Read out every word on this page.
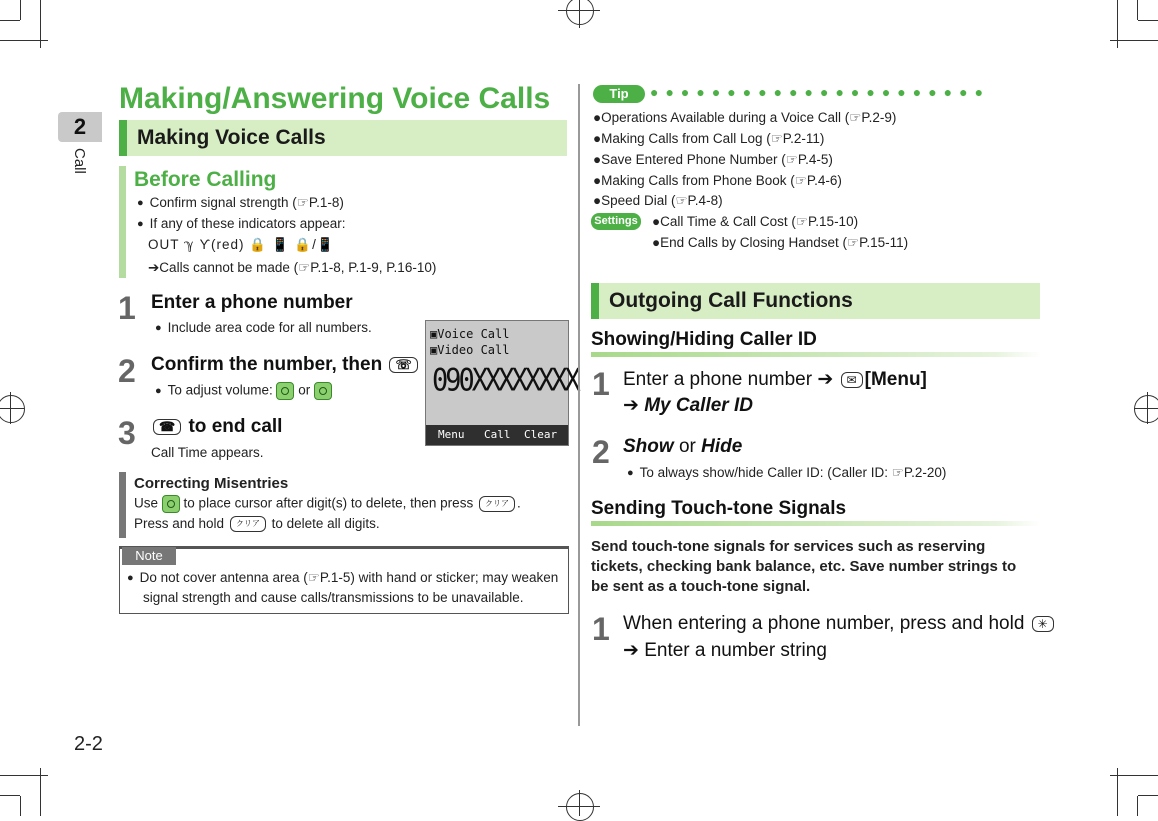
2
Call
2-2
Making/Answering Voice Calls
Making Voice Calls
Before Calling
● Confirm signal strength (☞P.1-8)
● If any of these indicators appear:
OUT ℽ Ƴ(red) 🔒 📱 🔒/📱
➔Calls cannot be made (☞P.1-8, P.1-9, P.16-10)
1 Enter a phone number
● Include area code for all numbers.
2 Confirm the number, then ☏
● To adjust volume: or
3	☎ to end call
Call Time appears.
▣Voice Call
▣Video Call
090XXXXXXXX
Menu Call Clear
Correcting Misentries
Use to place cursor after digit(s) to delete, then press クリア .
Press and hold クリア to delete all digits.
Note
● Do not cover antenna area (☞P.1-5) with hand or sticker; may weaken
signal strength and cause calls/transmissions to be unavailable.
Tip	●●●●●●●●●●●●●●●●●●●●●●
●Operations Available during a Voice Call (☞P.2-9)
●Making Calls from Call Log (☞P.2-11)
●Save Entered Phone Number (☞P.4-5)
●Making Calls from Phone Book (☞P.4-6)
●Speed Dial (☞P.4-8)
Settings ●Call Time & Call Cost (☞P.15-10)
●End Calls by Closing Handset (☞P.15-11)
Outgoing Call Functions
Showing/Hiding Caller ID
1 Enter a phone number ➔ ✉ [Menu]
➔ My Caller ID
2 Show or Hide
● To always show/hide Caller ID: (Caller ID: ☞P.2-20)
Sending Touch-tone Signals
Send touch-tone signals for services such as reserving tickets, checking bank balance, etc. Save number strings to be sent as a touch-tone signal.
1 When entering a phone number, press and hold ✳
➔ Enter a number string
